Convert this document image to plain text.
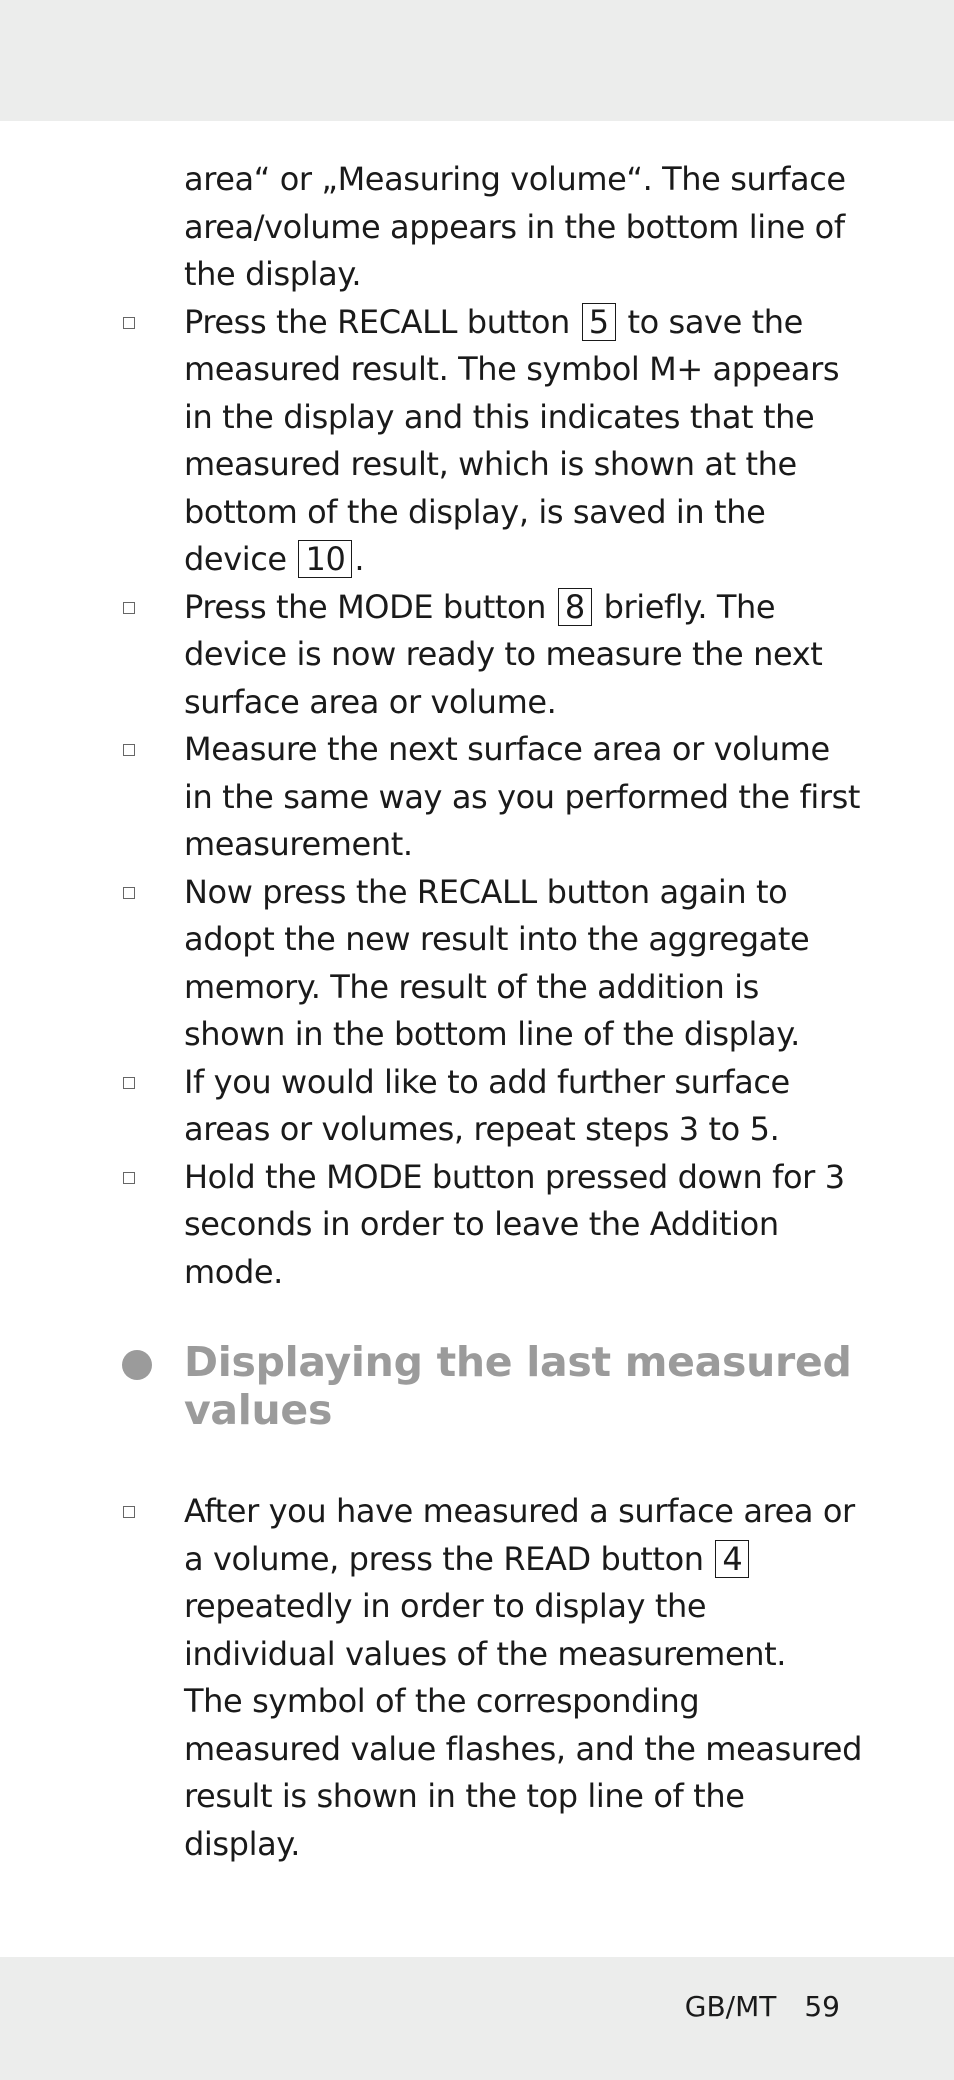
area“ or „Measuring volume“. The surface area/volume appears in the bottom line of the display.
Press the RECALL button 5 to save the measured result. The symbol M+ appears in the display and this indicates that the measured result, which is shown at the bottom of the display, is saved in the device 10 .
Press the MODE button 8 briefly. The device is now ready to measure the next surface area or volume.
Measure the next surface area or volume in the same way as you performed the first measurement.
Now press the RECALL button again to adopt the new result into the aggregate memory. The result of the addition is shown in the bottom line of the display.
If you would like to add further surface areas or volumes, repeat steps 3 to 5.
Hold the MODE button pressed down for 3 seconds in order to leave the Addition mode.
Displaying the last measured values
After you have measured a surface area or a volume, press the READ button 4 repeatedly in order to display the individual values of the measurement.
The symbol of the corresponding measured value flashes, and the measured result is shown in the top line of the display.
GB/MT 59
